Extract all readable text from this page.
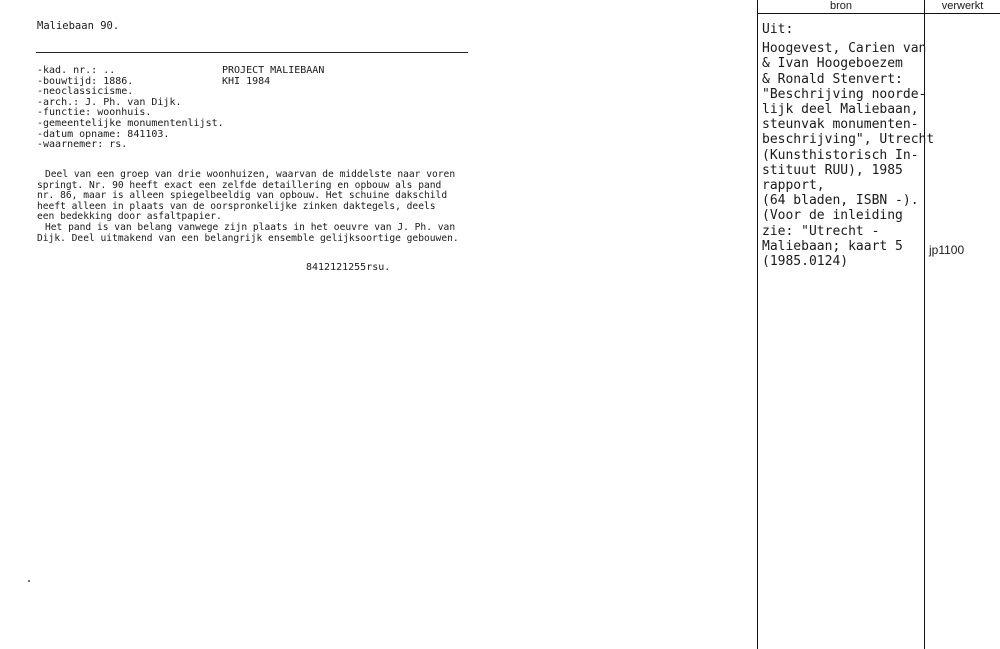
Maliebaan 90.
-kad. nr.: ..
-bouwtijd: 1886.
-neoclassicisme.
-arch.: J. Ph. van Dijk.
-functie: woonhuis.
-gemeentelijke monumentenlijst.
-datum opname: 841103.
-waarnemer: rs.
PROJECT MALIEBAAN
KHI 1984

Deel van een groep van drie woonhuizen, waarvan de middelste naar voren

springt. Nr. 90 heeft exact een zelfde detaillering en opbouw als pand

nr. 86, maar is alleen spiegelbeeldig van opbouw. Het schuine dakschild

heeft alleen in plaats van de oorspronkelijke zinken daktegels, deels

een bedekking door asfaltpapier.

Het pand is van belang vanwege zijn plaats in het oeuvre van J. Ph. van

Dijk. Deel uitmakend van een belangrijk ensemble gelijksoortige gebouwen.

8412121255rsu.
bron	verwerkt
Uit:
Hoogevest, Carien van
& Ivan Hoogeboezem
& Ronald Stenvert:
"Beschrijving noorde-
lijk deel Maliebaan,
steunvak monumenten-
beschrijving", Utrecht
(Kunsthistorisch In-
stituut RUU), 1985
rapport,
(64 bladen, ISBN -).
(Voor de inleiding
zie: "Utrecht -
Maliebaan; kaart 5
(1985.0124)
jp1100
